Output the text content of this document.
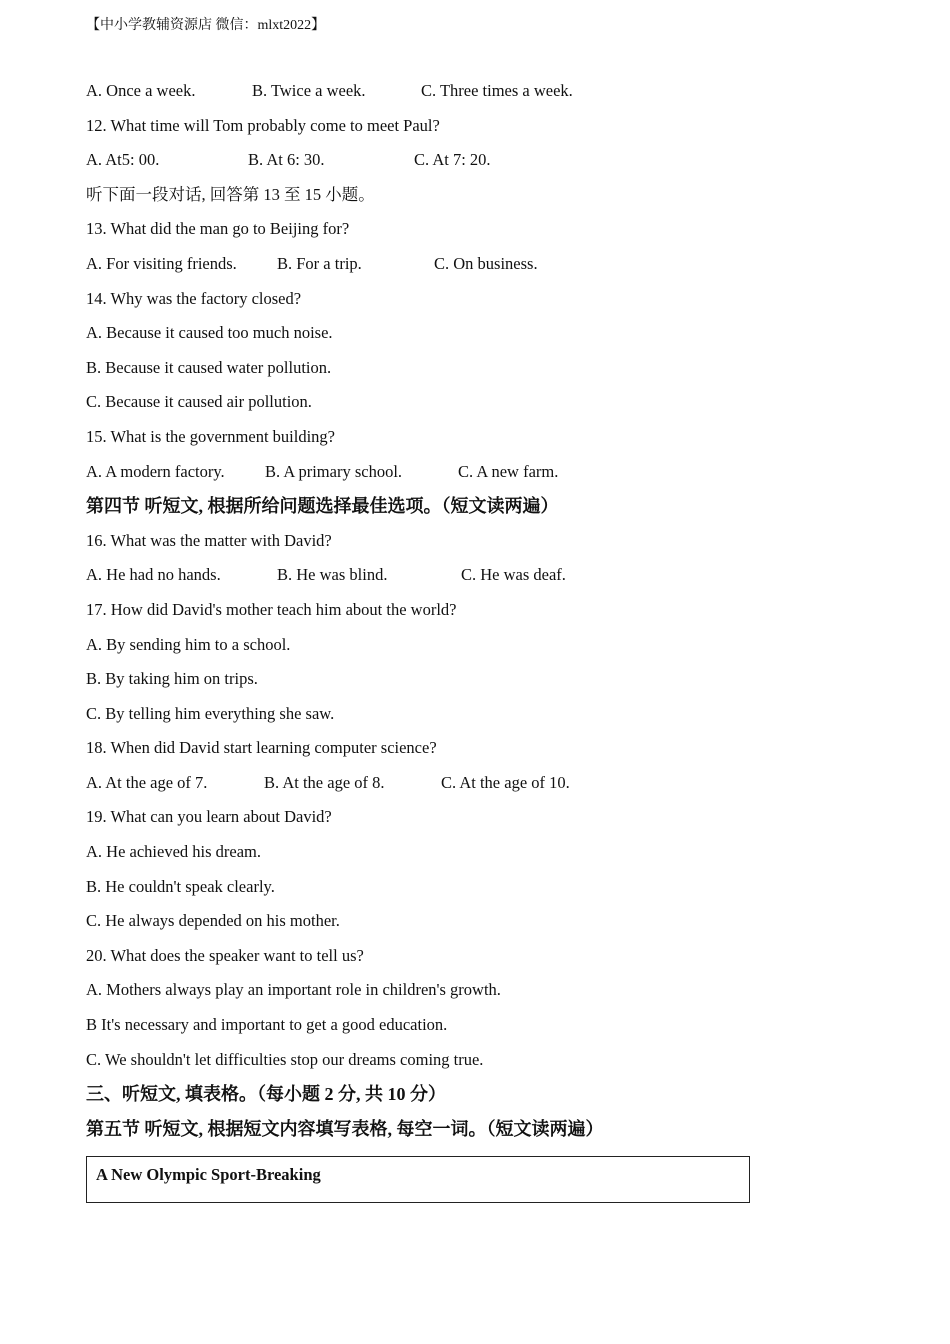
【中小学教辅资源店 微信：mlxt2022】
A. Once a week.	B. Twice a week.	C. Three times a week.
12. What time will Tom probably come to meet Paul?
A. At5: 00.	B. At 6: 30.	C. At 7: 20.
听下面一段对话, 回答第 13 至 15 小题。
13. What did the man go to Beijing for?
A. For visiting friends. B. For a trip.	C. On business.
14. Why was the factory closed?
A. Because it caused too much noise.
B. Because it caused water pollution.
C. Because it caused air pollution.
15. What is the government building?
A. A modern factory. B. A primary school.	C. A new farm.
第四节 听短文, 根据所给问题选择最佳选项。（短文读两遍）
16. What was the matter with David?
A. He had no hands.	B. He was blind.	C. He was deaf.
17. How did David's mother teach him about the world?
A. By sending him to a school.
B. By taking him on trips.
C. By telling him everything she saw.
18. When did David start learning computer science?
A. At the age of 7.	B. At the age of 8.	C. At the age of 10.
19. What can you learn about David?
A. He achieved his dream.
B. He couldn't speak clearly.
C. He always depended on his mother.
20. What does the speaker want to tell us?
A. Mothers always play an important role in children's growth.
B It's necessary and important to get a good education.
C. We shouldn't let difficulties stop our dreams coming true.
三、听短文, 填表格。（每小题 2 分, 共 10 分）
第五节 听短文, 根据短文内容填写表格, 每空一词。（短文读两遍）
A New Olympic Sport-Breaking
